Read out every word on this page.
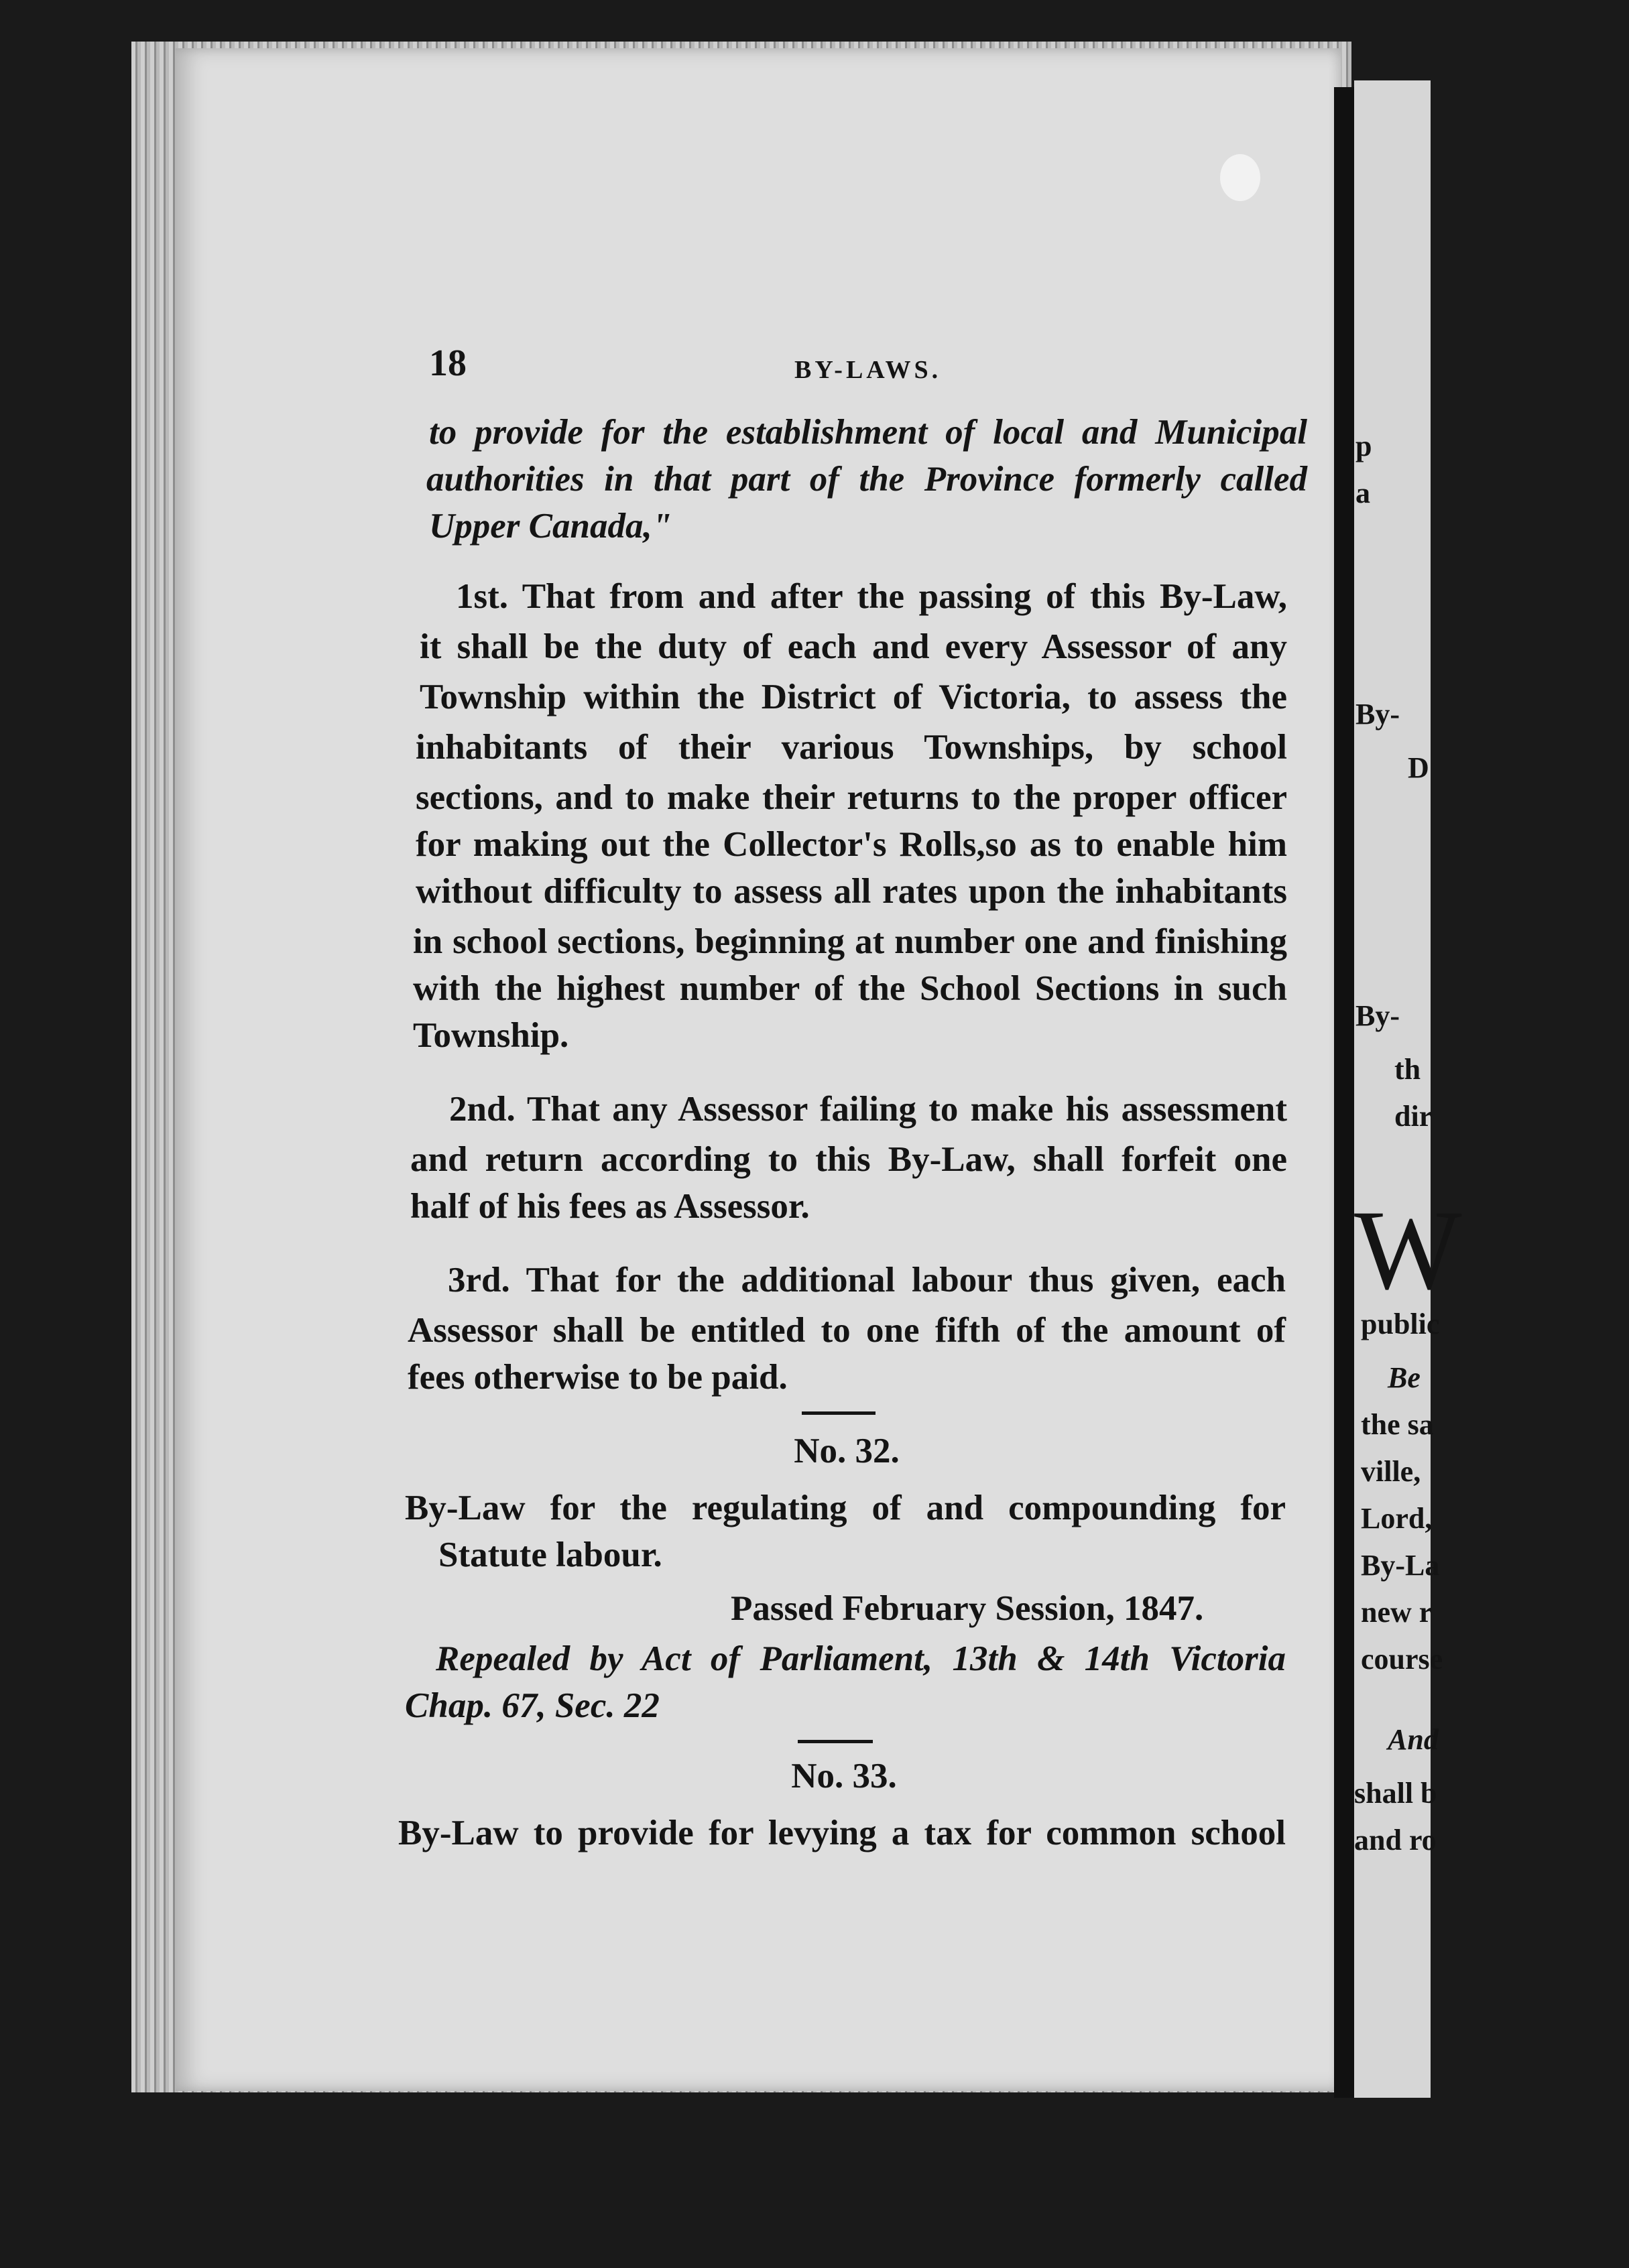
p
a
By-
D
By-
th
dir
W
public
Be
the sa
ville,
Lord,
By-La
new r
course
And
shall b
and ro
18	BY-LAWS.
to provide for the establishment of local and Municipal
authorities in that part of the Province formerly called
Upper Canada,"
1st. That from and after the passing of this By-Law,
it shall be the duty of each and every Assessor of any
Township within the District of Victoria, to assess the
inhabitants of their various Townships, by school
sections, and to make their returns to the proper officer
for making out the Collector's Rolls,so as to enable him
without difficulty to assess all rates upon the inhabitants
in school sections, beginning at number one and finishing
with the highest number of the School Sections in such
Township.
2nd. That any Assessor failing to make his assessment
and return according to this By-Law, shall forfeit one
half of his fees as Assessor.
3rd. That for the additional labour thus given, each
Assessor shall be entitled to one fifth of the amount of
fees otherwise to be paid.
No. 32.
By-Law for the regulating of and compounding for
Statute labour.
Passed February Session, 1847.
Repealed by Act of Parliament, 13th & 14th Victoria
Chap. 67, Sec. 22
No. 33.
By-Law to provide for levying a tax for common school
